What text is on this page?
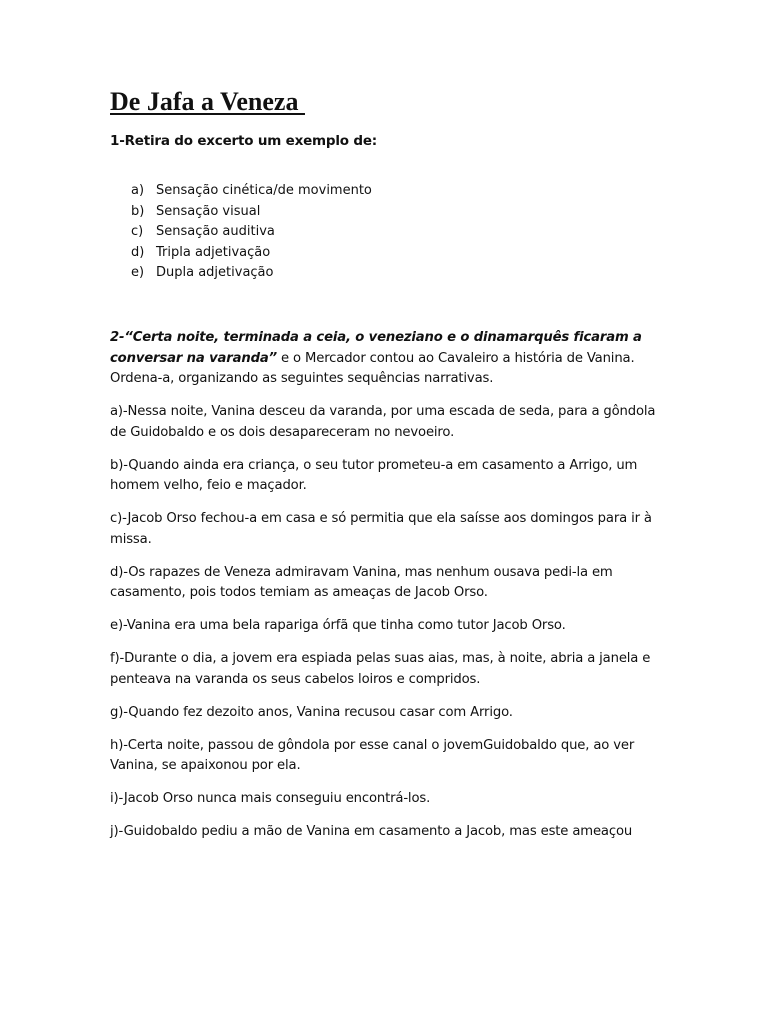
De Jafa a Veneza

1-Retira do excerto um exemplo de:

a) Sensação cinética/de movimento
b) Sensação visual
c) Sensação auditiva
d) Tripla adjetivação
e) Dupla adjetivação

2-“Certa noite, terminada a ceia, o veneziano e o dinamarquês ficaram a conversar na varanda” e o Mercador contou ao Cavaleiro a história de Vanina. Ordena-a, organizando as seguintes sequências narrativas.

a)-Nessa noite, Vanina desceu da varanda, por uma escada de seda, para a gôndola de Guidobaldo e os dois desapareceram no nevoeiro.

b)-Quando ainda era criança, o seu tutor prometeu-a em casamento a Arrigo, um homem velho, feio e maçador.

c)-Jacob Orso fechou-a em casa e só permitia que ela saísse aos domingos para ir à missa.

d)-Os rapazes de Veneza admiravam Vanina, mas nenhum ousava pedi-la em casamento, pois todos temiam as ameaças de Jacob Orso.

e)-Vanina era uma bela rapariga órfã que tinha como tutor Jacob Orso.

f)-Durante o dia, a jovem era espiada pelas suas aias, mas, à noite, abria a janela e penteava na varanda os seus cabelos loiros e compridos.

g)-Quando fez dezoito anos, Vanina recusou casar com Arrigo.

h)-Certa noite, passou de gôndola por esse canal o jovemGuidobaldo que, ao ver Vanina, se apaixonou por ela.

i)-Jacob Orso nunca mais conseguiu encontrá-los.

j)-Guidobaldo pediu a mão de Vanina em casamento a Jacob, mas este ameaçou
